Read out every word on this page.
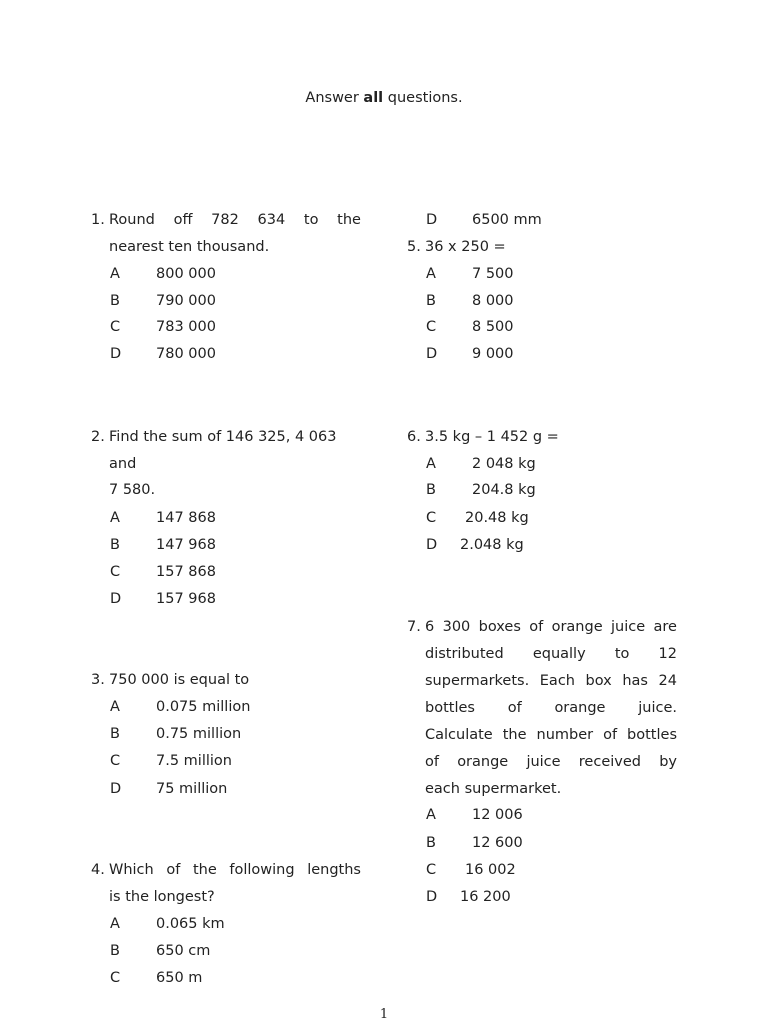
Answer all questions.
1. Round off 782 634 to the
nearest ten thousand.
A 800 000
B 790 000
C 783 000
D 780 000
2. Find the sum of 146 325, 4 063
and
7 580.
A 147 868
B 147 968
C 157 868
D 157 968
3. 750 000 is equal to
A 0.075 million
B 0.75 million
C 7.5 million
D 75 million
4. Which of the following lengths
is the longest?
A 0.065 km
B 650 cm
C 650 m
D 6500 mm
5. 36 x 250 =
A 7 500
B 8 000
C 8 500
D 9 000
6. 3.5 kg – 1 452 g =
A 2 048 kg
B 204.8 kg
C 20.48 kg
D 2.048 kg
7. 6 300 boxes of orange juice are
distributed equally to 12
supermarkets. Each box has 24
bottles of orange juice.
Calculate the number of bottles
of orange juice received by
each supermarket.
A 12 006
B 12 600
C 16 002
D 16 200
1
